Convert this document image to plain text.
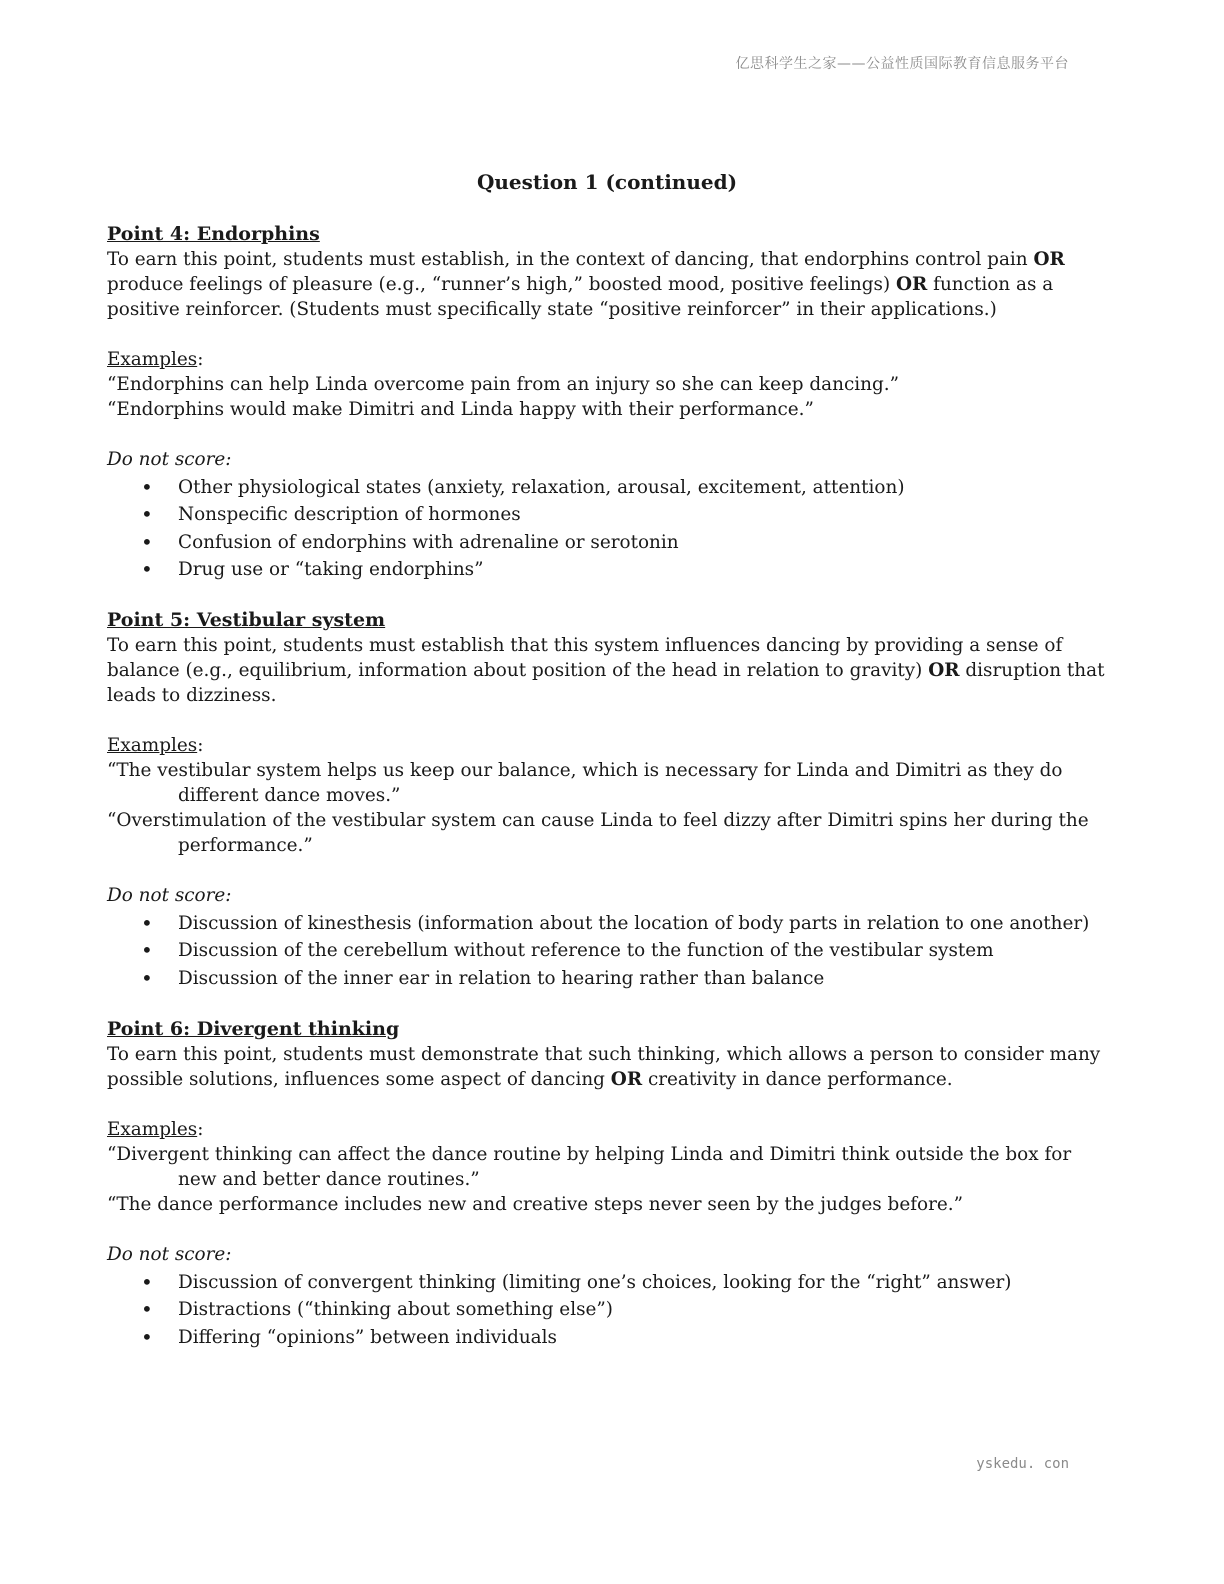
亿思科学生之家——公益性质国际教育信息服务平台
Question 1 (continued)
Point 4: Endorphins

To earn this point, students must establish, in the context of dancing, that endorphins control pain OR produce feelings of pleasure (e.g., “runner’s high,” boosted mood, positive feelings) OR function as a positive reinforcer. (Students must specifically state “positive reinforcer” in their applications.)

Examples:

“Endorphins can help Linda overcome pain from an injury so she can keep dancing.”

“Endorphins would make Dimitri and Linda happy with their performance.”

Do not score:
• Other physiological states (anxiety, relaxation, arousal, excitement, attention)
• Nonspecific description of hormones
• Confusion of endorphins with adrenaline or serotonin
• Drug use or “taking endorphins”
Point 5: Vestibular system

To earn this point, students must establish that this system influences dancing by providing a sense of balance (e.g., equilibrium, information about position of the head in relation to gravity) OR disruption that leads to dizziness.

Examples:

“The vestibular system helps us keep our balance, which is necessary for Linda and Dimitri as they do different dance moves.”

“Overstimulation of the vestibular system can cause Linda to feel dizzy after Dimitri spins her during the performance.”

Do not score:
• Discussion of kinesthesis (information about the location of body parts in relation to one another)
• Discussion of the cerebellum without reference to the function of the vestibular system
• Discussion of the inner ear in relation to hearing rather than balance
Point 6: Divergent thinking

To earn this point, students must demonstrate that such thinking, which allows a person to consider many possible solutions, influences some aspect of dancing OR creativity in dance performance.

Examples:

“Divergent thinking can affect the dance routine by helping Linda and Dimitri think outside the box for new and better dance routines.”

“The dance performance includes new and creative steps never seen by the judges before.”

Do not score:
• Discussion of convergent thinking (limiting one’s choices, looking for the “right” answer)
• Distractions (“thinking about something else”)
• Differing “opinions” between individuals
yskedu. con
